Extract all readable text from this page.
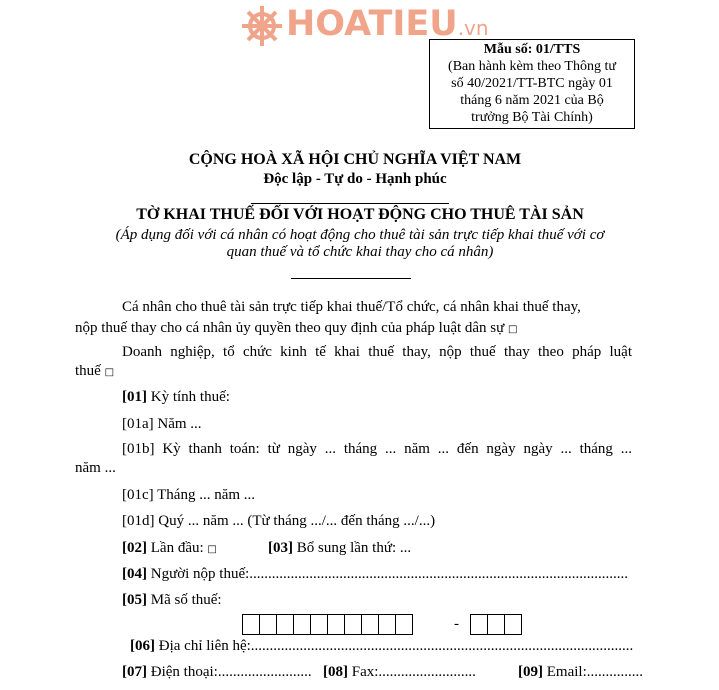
HOATIEU.vn
Mẫu số: 01/TTS
(Ban hành kèm theo Thông tư
số 40/2021/TT-BTC ngày 01
tháng 6 năm 2021 của Bộ
trưởng Bộ Tài Chính)
CỘNG HOÀ XÃ HỘI CHỦ NGHĨA VIỆT NAM
Độc lập - Tự do - Hạnh phúc
TỜ KHAI THUẾ ĐỐI VỚI HOẠT ĐỘNG CHO THUÊ TÀI SẢN
(Áp dụng đối với cá nhân có hoạt động cho thuê tài sản trực tiếp khai thuế với cơ
quan thuế và tổ chức khai thay cho cá nhân)
Cá nhân cho thuê tài sản trực tiếp khai thuế/Tổ chức, cá nhân khai thuế thay,
nộp thuế thay cho cá nhân ủy quyền theo quy định của pháp luật dân sự □
Doanh nghiệp, tổ chức kinh tế khai thuế thay, nộp thuế thay theo pháp luật
thuế □
[01] Kỳ tính thuế:
[01a] Năm ...
[01b] Kỳ thanh toán: từ ngày ... tháng ... năm ... đến ngày ngày ... tháng ...
năm ...
[01c] Tháng ... năm ...
[01d] Quý ... năm ... (Từ tháng .../... đến tháng .../...)
[02] Lần đầu: □	[03] Bổ sung lần thứ: ...
[04] Người nộp thuế:.....................................................................................................
[05] Mã số thuế:
-
[06] Địa chỉ liên hệ:......................................................................................................
[07] Điện thoại:......................... [08] Fax:..........................	[09] Email:...............
